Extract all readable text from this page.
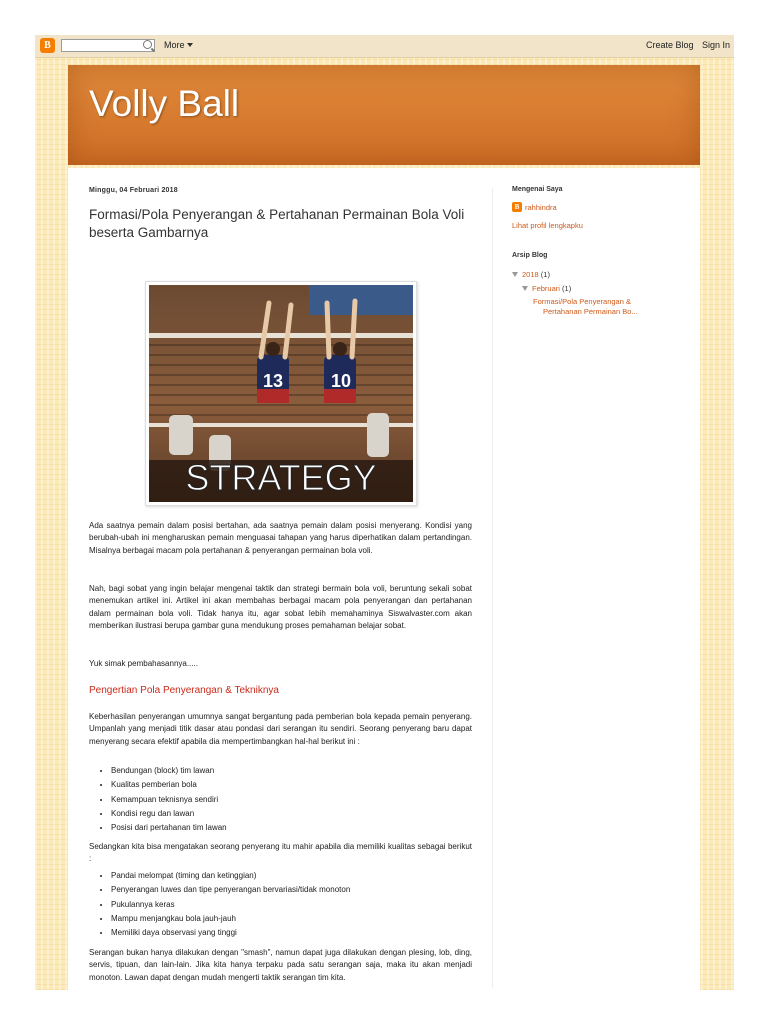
B	More	Create Blog Sign In
Volly Ball
Minggu, 04 Februari 2018
Formasi/Pola Penyerangan & Pertahanan Permainan Bola Voli beserta Gambarnya
13	10
STRATEGY
Ada saatnya pemain dalam posisi bertahan, ada saatnya pemain dalam posisi menyerang. Kondisi yang berubah-ubah ini mengharuskan pemain menguasai tahapan yang harus diperhatikan dalam pertandingan. Misalnya berbagai macam pola pertahanan & penyerangan permainan bola voli.
Nah, bagi sobat yang ingin belajar mengenai taktik dan strategi bermain bola voli, beruntung sekali sobat menemukan artikel ini. Artikel ini akan membahas berbagai macam pola penyerangan dan pertahanan dalam permainan bola voli. Tidak hanya itu, agar sobat lebih memahaminya Siswalvaster.com akan memberikan ilustrasi berupa gambar guna mendukung proses pemahaman belajar sobat.
Yuk simak pembahasannya.....
Pengertian Pola Penyerangan & Tekniknya
Keberhasilan penyerangan umumnya sangat bergantung pada pemberian bola kepada pemain penyerang. Umpanlah yang menjadi titik dasar atau pondasi dari serangan itu sendiri. Seorang penyerang baru dapat menyerang secara efektif apabila dia mempertimbangkan hal-hal berikut ini :
• Bendungan (block) tim lawan
• Kualitas pemberian bola
• Kemampuan teknisnya sendiri
• Kondisi regu dan lawan
• Posisi dari pertahanan tim lawan
Sedangkan kita bisa mengatakan seorang penyerang itu mahir apabila dia memiliki kualitas sebagai berikut :
• Pandai melompat (timing dan ketinggian)
• Penyerangan luwes dan tipe penyerangan bervariasi/tidak monoton
• Pukulannya keras
• Mampu menjangkau bola jauh-jauh
• Memiliki daya observasi yang tinggi
Serangan bukan hanya dilakukan dengan "smash", namun dapat juga dilakukan dengan plesing, lob, ding, servis, tipuan, dan lain-lain. Jika kita hanya terpaku pada satu serangan saja, maka itu akan menjadi monoton. Lawan dapat dengan mudah mengerti taktik serangan tim kita.
Mengenai Saya
B rahhindra
Lihat profil lengkapku
Arsip Blog
2018 (1)
Februari (1)
Formasi/Pola Penyerangan &
Pertahanan Permainan Bo...
